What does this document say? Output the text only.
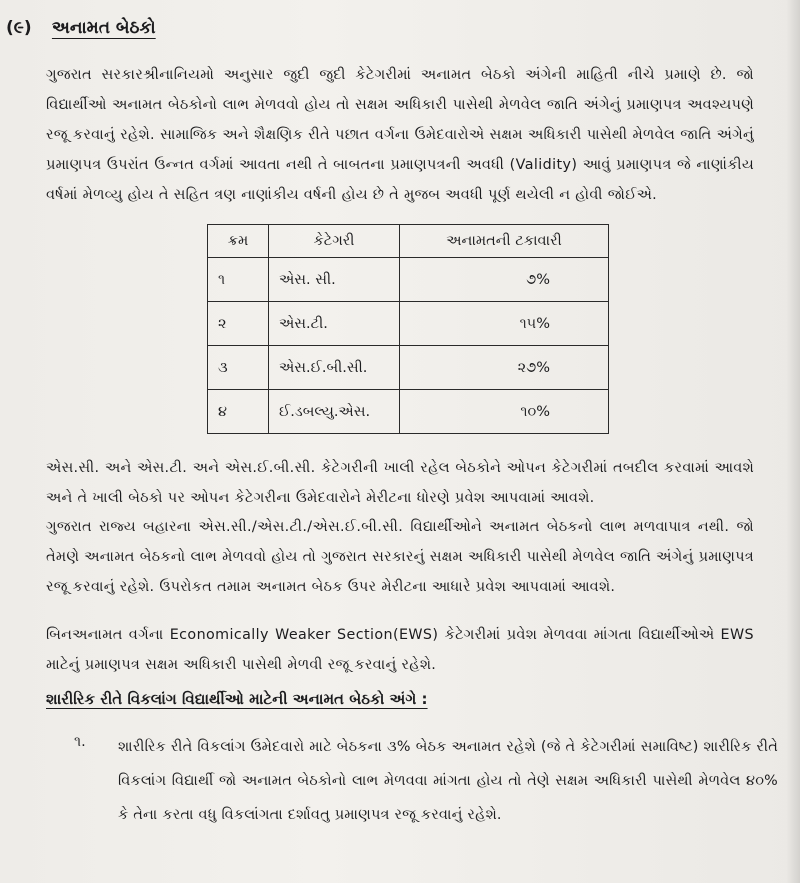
(૯) અનામત બેઠકો
ગુજરાત સરકારશ્રીનાનિયમો અનુસાર જુદી જુદી કેટેગરીમાં અનામત બેઠકો અંગેની માહિતી નીચે પ્રમાણે છે. જો વિદ્યાર્થીઓ અનામત બેઠકોનો લાભ મેળવવો હોય તો સક્ષમ અધિકારી પાસેથી મેળવેલ જાતિ અંગેનું પ્રમાણપત્ર અવશ્યપણે રજૂ કરવાનું રહેશે. સામાજિક અને શૈક્ષણિક રીતે પછાત વર્ગના ઉમેદવારોએ સક્ષમ અધિકારી પાસેથી મેળવેલ જાતિ અંગેનું પ્રમાણપત્ર ઉપરાંત ઉન્નત વર્ગમાં આવતા નથી તે બાબતના પ્રમાણપત્રની અવધી (Validity) આવું પ્રમાણપત્ર જે નાણાંકીય વર્ષમાં મેળવ્યુ હોય તે સહિત ત્રણ નાણાંકીય વર્ષની હોય છે તે મુજબ અવધી પૂર્ણ થયેલી ન હોવી જોઈએ.
ક્રમ	કેટેગરી	અનામતની ટકાવારી
૧	એસ. સી.	૭%
૨	એસ.ટી.	૧૫%
૩	એસ.ઈ.બી.સી.	૨૭%
૪	ઈ.ડબલ્યુ.એસ.	૧૦%
એસ.સી. અને એસ.ટી. અને એસ.ઈ.બી.સી. કેટેગરીની ખાલી રહેલ બેઠકોને ઓપન કેટેગરીમાં તબદીલ કરવામાં આવશે અને તે ખાલી બેઠકો પર ઓપન કેટેગરીના ઉમેદવારોને મેરીટના ધોરણે પ્રવેશ આપવામાં આવશે.
ગુજરાત રાજ્ય બહારના એસ.સી./એસ.ટી./એસ.ઈ.બી.સી. વિદ્યાર્થીઓને અનામત બેઠકનો લાભ મળવાપાત્ર નથી. જો તેમણે અનામત બેઠકનો લાભ મેળવવો હોય તો ગુજરાત સરકારનું સક્ષમ અધિકારી પાસેથી મેળવેલ જાતિ અંગેનું પ્રમાણપત્ર રજૂ કરવાનું રહેશે. ઉપરોકત તમામ અનામત બેઠક ઉપર મેરીટના આધારે પ્રવેશ આપવામાં આવશે.
બિનઅનામત વર્ગના Economically Weaker Section(EWS) કેટેગરીમાં પ્રવેશ મેળવવા માંગતા વિદ્યાર્થીઓએ EWS માટેનું પ્રમાણપત્ર સક્ષમ અધિકારી પાસેથી મેળવી રજૂ કરવાનું રહેશે.
શારીરિક રીતે વિકલાંગ વિદ્યાર્થીઓ માટેની અનામત બેઠકો અંગે :
૧. શારીરિક રીતે વિકલાંગ ઉમેદવારો માટે બેઠકના ૩% બેઠક અનામત રહેશે (જે તે કેટેગરીમાં સમાવિષ્ટ) શારીરિક રીતે વિકલાંગ વિદ્યાર્થી જો અનામત બેઠકોનો લાભ મેળવવા માંગતા હોય તો તેણે સક્ષમ અધિકારી પાસેથી મેળવેલ ૪૦% કે તેના કરતા વધુ વિકલાંગતા દર્શાવતુ પ્રમાણપત્ર રજૂ કરવાનું રહેશે.
